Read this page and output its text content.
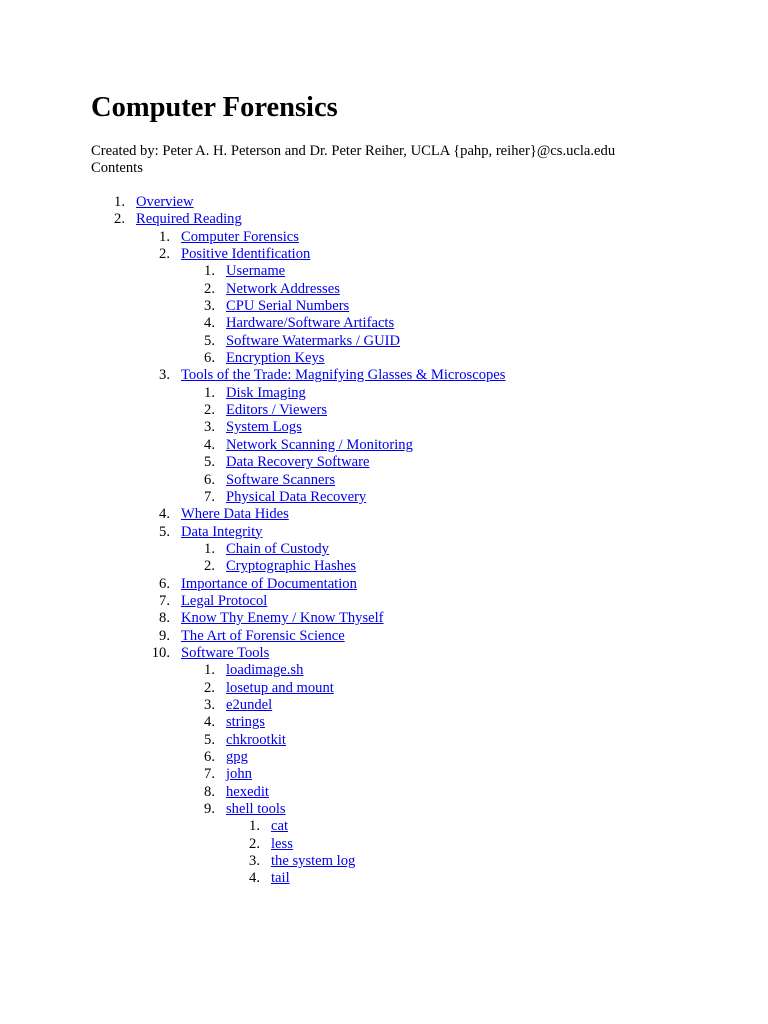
Computer Forensics
Created by: Peter A. H. Peterson and Dr. Peter Reiher, UCLA {pahp, reiher}@cs.ucla.edu
Contents
1. Overview
2. Required Reading
1. Computer Forensics
2. Positive Identification
1. Username
2. Network Addresses
3. CPU Serial Numbers
4. Hardware/Software Artifacts
5. Software Watermarks / GUID
6. Encryption Keys
3. Tools of the Trade: Magnifying Glasses & Microscopes
1. Disk Imaging
2. Editors / Viewers
3. System Logs
4. Network Scanning / Monitoring
5. Data Recovery Software
6. Software Scanners
7. Physical Data Recovery
4. Where Data Hides
5. Data Integrity
1. Chain of Custody
2. Cryptographic Hashes
6. Importance of Documentation
7. Legal Protocol
8. Know Thy Enemy / Know Thyself
9. The Art of Forensic Science
10. Software Tools
1. loadimage.sh
2. losetup and mount
3. e2undel
4. strings
5. chkrootkit
6. gpg
7. john
8. hexedit
9. shell tools
1. cat
2. less
3. the system log
4. tail
